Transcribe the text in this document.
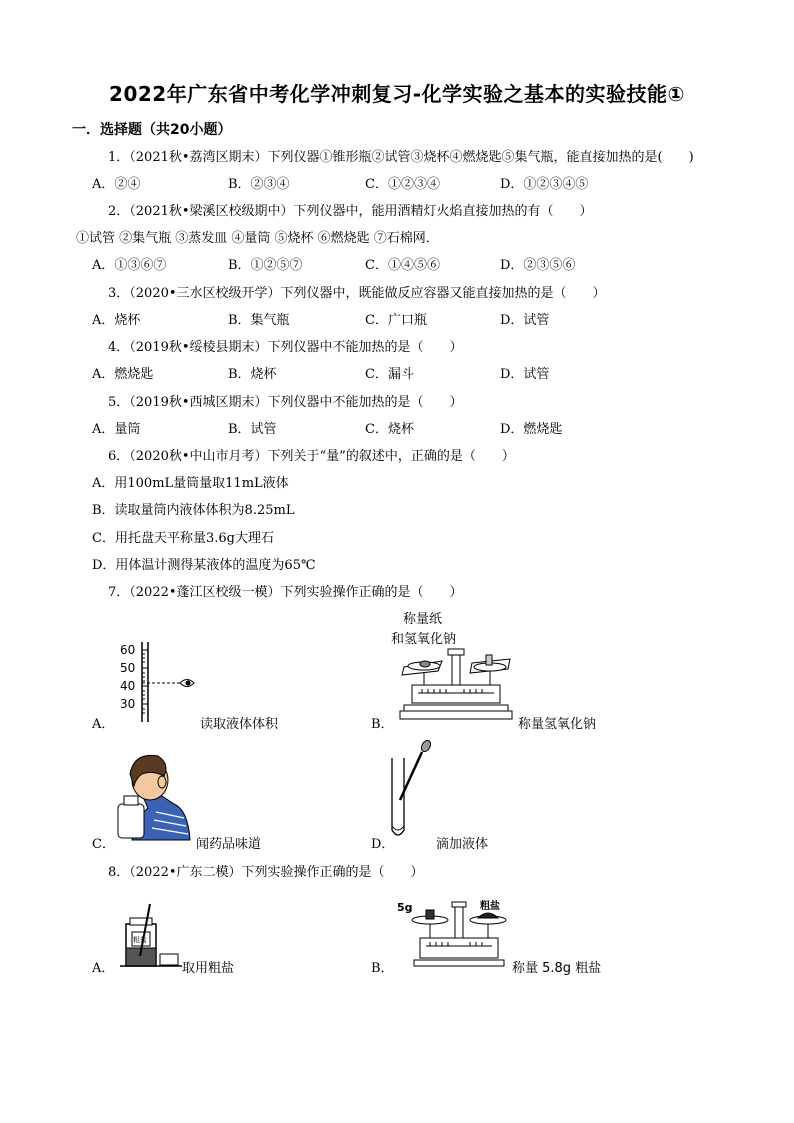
2022年广东省中考化学冲刺复习-化学实验之基本的实验技能①
一．选择题（共20小题）
1．（2021秋•荔湾区期末）下列仪器①锥形瓶②试管③烧杯④燃烧匙⑤集气瓶，能直接加热的是(　　)
A．②④	B．②③④	C．①②③④	D．①②③④⑤
2．（2021秋•梁溪区校级期中）下列仪器中，能用酒精灯火焰直接加热的有（　　）
①试管 ②集气瓶 ③蒸发皿 ④量筒 ⑤烧杯 ⑥燃烧匙 ⑦石棉网．
A．①③⑥⑦	B．①②⑤⑦	C．①④⑤⑥	D．②③⑤⑥
3．（2020•三水区校级开学）下列仪器中，既能做反应容器又能直接加热的是（　　）
A．烧杯	B．集气瓶	C．广口瓶	D．试管
4．（2019秋•绥棱县期末）下列仪器中不能加热的是（　　）
A．燃烧匙	B．烧杯	C．漏斗	D．试管
5．（2019秋•西城区期末）下列仪器中不能加热的是（　　）
A．量筒	B．试管	C．烧杯	D．燃烧匙
6．（2020秋•中山市月考）下列关于“量”的叙述中，正确的是（　　）
A．用100mL量筒量取11mL液体
B．读取量筒内液体体积为8.25mL
C．用托盘天平称量3.6g大理石
D．用体温计测得某液体的温度为65℃
7．（2022•蓬江区校级一模）下列实验操作正确的是（　　）
60
50
40
30
A．	读取液体体积
称量纸
和氢氧化钠
B．	称量氢氧化钠
C．	闻药品味道	D．	滴加液体
8．（2022•广东二模）下列实验操作正确的是（　　）
粗盐
A．	取用粗盐
5g	粗盐
B．	称量 5.8g 粗盐
